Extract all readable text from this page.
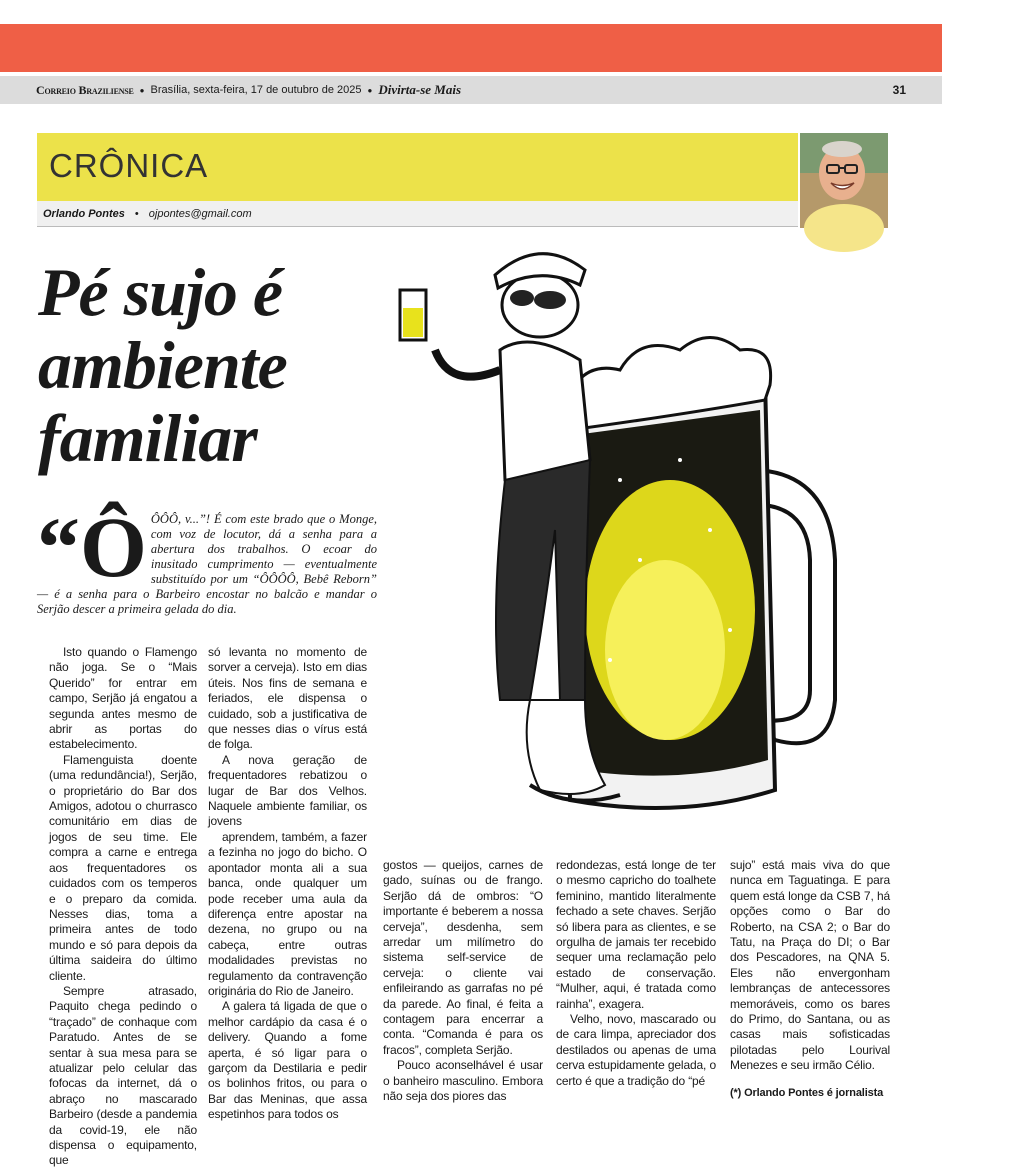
Correio Braziliense ● Brasília, sexta-feira, 17 de outubro de 2025 ● Divirta-se Mais	31
CRÔNICA
Orlando Pontes • ojpontes@gmail.com
Pé sujo é ambiente familiar
“Ô ÔÔÔ, v...”! É com este brado que o Monge, com voz de locutor, dá a senha para a abertura dos trabalhos. O ecoar do inusitado cumprimento — eventualmente substituído por um “ÔÔÔÔ, Bebê Reborn” — é a senha para o Barbeiro encostar no balcão e mandar o Serjão descer a primeira gelada do dia.

Isto quando o Flamengo não joga. Se o “Mais Querido” for entrar em campo, Serjão já engatou a segunda antes mesmo de abrir as portas do estabelecimento.

Flamenguista doente (uma redundância!), Serjão, o proprietário do Bar dos Amigos, adotou o churrasco comunitário em dias de jogos de seu time. Ele compra a carne e entrega aos frequentadores os cuidados com os temperos e o preparo da comida. Nesses dias, toma a primeira antes de todo mundo e só para depois da última saideira do último cliente.

Sempre atrasado, Paquito chega pedindo o “traçado” de conhaque com Paratudo. Antes de se sentar à sua mesa para se atualizar pelo celular das fofocas da internet, dá o abraço no mascarado Barbeiro (desde a pandemia da covid-19, ele não dispensa o equipamento, que

só levanta no momento de sorver a cerveja). Isto em dias úteis. Nos fins de semana e feriados, ele dispensa o cuidado, sob a justificativa de que nesses dias o vírus está de folga.

A nova geração de frequentadores rebatizou o lugar de Bar dos Velhos. Naquele ambiente familiar, os jovens

aprendem, também, a fazer a fezinha no jogo do bicho. O apontador monta ali a sua banca, onde qualquer um pode receber uma aula da diferença entre apostar na dezena, no grupo ou na cabeça, entre outras modalidades previstas no regulamento da contravenção originária do Rio de Janeiro.

A galera tá ligada de que o melhor cardápio da casa é o delivery. Quando a fome aperta, é só ligar para o garçom da Destilaria e pedir os bolinhos fritos, ou para o Bar das Meninas, que assa espetinhos para todos os

gostos — queijos, carnes de gado, suínas ou de frango. Serjão dá de ombros: “O importante é beberem a nossa cerveja”, desdenha, sem arredar um milímetro do sistema self-service de cerveja: o cliente vai enfileirando as garrafas no pé da parede. Ao final, é feita a contagem para encerrar a conta. “Comanda é para os fracos”, completa Serjão.

Pouco aconselhável é usar o banheiro masculino. Embora não seja dos piores das

redondezas, está longe de ter o mesmo capricho do toalhete feminino, mantido literalmente fechado a sete chaves. Serjão só libera para as clientes, e se orgulha de jamais ter recebido sequer uma reclamação pelo estado de conservação. “Mulher, aqui, é tratada como rainha”, exagera.

Velho, novo, mascarado ou de cara limpa, apreciador dos destilados ou apenas de uma cerva estupidamente gelada, o certo é que a tradição do “pé

sujo” está mais viva do que nunca em Taguatinga. E para quem está longe da CSB 7, há opções como o Bar do Roberto, na CSA 2; o Bar do Tatu, na Praça do DI; o Bar dos Pescadores, na QNA 5. Eles não envergonham lembranças de antecessores memoráveis, como os bares do Primo, do Santana, ou as casas mais sofisticadas pilotadas pelo Lourival Menezes e seu irmão Célio.

(*) Orlando Pontes é jornalista
